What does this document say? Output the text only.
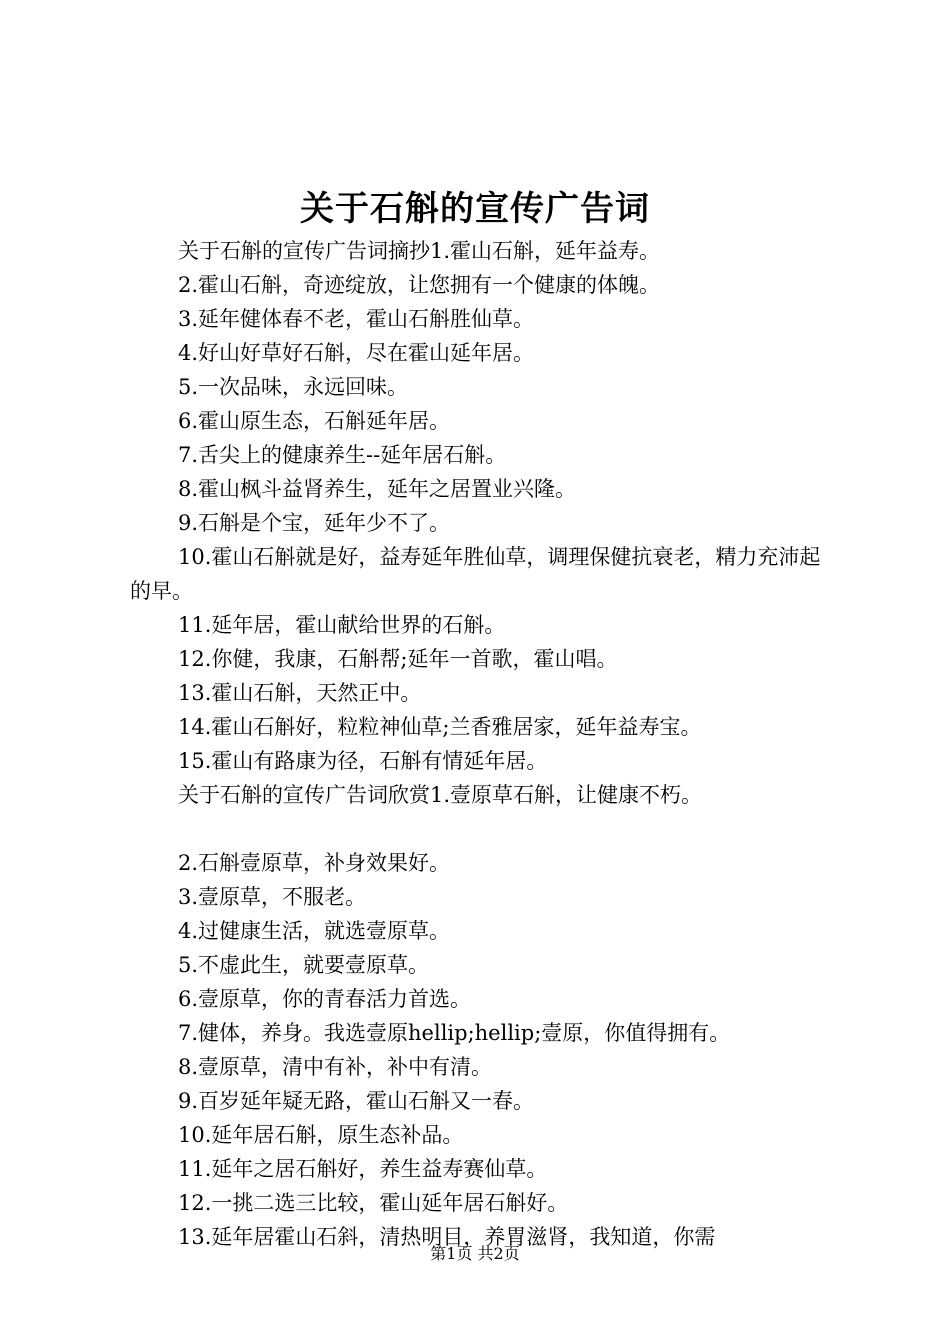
关于石斛的宣传广告词

关于石斛的宣传广告词摘抄1.霍山石斛，延年益寿。

2.霍山石斛，奇迹绽放，让您拥有一个健康的体魄。

3.延年健体春不老，霍山石斛胜仙草。

4.好山好草好石斛，尽在霍山延年居。

5.一次品味，永远回味。

6.霍山原生态，石斛延年居。

7.舌尖上的健康养生--延年居石斛。

8.霍山枫斗益肾养生，延年之居置业兴隆。

9.石斛是个宝，延年少不了。

10.霍山石斛就是好，益寿延年胜仙草，调理保健抗衰老，精力充沛起的早。

11.延年居，霍山献给世界的石斛。

12.你健，我康，石斛帮;延年一首歌，霍山唱。

13.霍山石斛，天然正中。

14.霍山石斛好，粒粒神仙草;兰香雅居家，延年益寿宝。

15.霍山有路康为径，石斛有情延年居。

关于石斛的宣传广告词欣赏1.壹原草石斛，让健康不朽。

2.石斛壹原草，补身效果好。

3.壹原草，不服老。

4.过健康生活，就选壹原草。

5.不虚此生，就要壹原草。

6.壹原草，你的青春活力首选。

7.健体，养身。我选壹原hellip;hellip;壹原，你值得拥有。

8.壹原草，清中有补，补中有清。

9.百岁延年疑无路，霍山石斛又一春。

10.延年居石斛，原生态补品。

11.延年之居石斛好，养生益寿赛仙草。

12.一挑二选三比较，霍山延年居石斛好。

13.延年居霍山石斜，清热明目，养胃滋肾，我知道，你需

第1页 共2页
